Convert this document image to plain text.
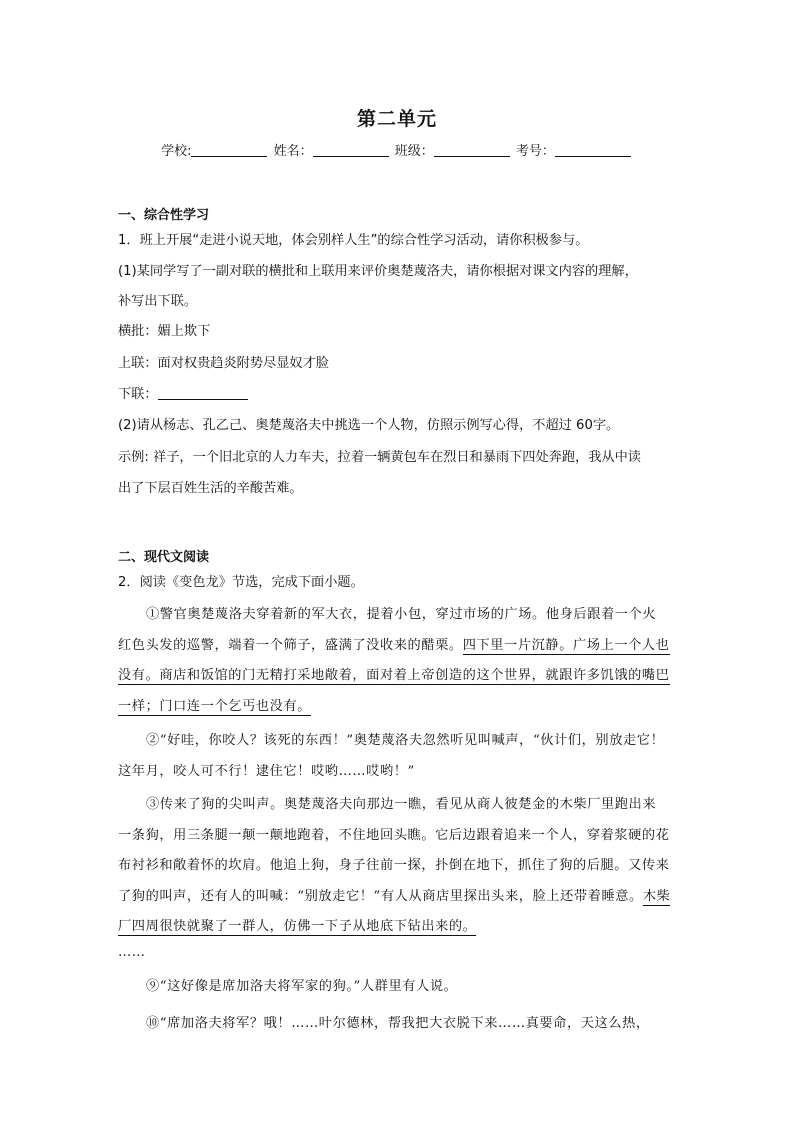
第二单元
学校:	姓名：	班级：	考号：
一、综合性学习
1．班上开展“走进小说天地，体会别样人生”的综合性学习活动，请你积极参与。
(1)某同学写了一副对联的横批和上联用来评价奥楚蔑洛夫，请你根据对课文内容的理解，
补写出下联。
横批：媚上欺下
上联：面对权贵趋炎附势尽显奴才脸
下联：
(2)请从杨志、孔乙己、奥楚蔑洛夫中挑选一个人物，仿照示例写心得，不超过 60字。
示例: 祥子，一个旧北京的人力车夫，拉着一辆黄包车在烈日和暴雨下四处奔跑，我从中读
出了下层百姓生活的辛酸苦难。
二、现代文阅读
2．阅读《变色龙》节选，完成下面小题。
①警官奥楚蔑洛夫穿着新的军大衣，提着小包，穿过市场的广场。他身后跟着一个火
红色头发的巡警，端着一个筛子，盛满了没收来的醋栗。四下里一片沉静。广场上一个人也
没有。商店和饭馆的门无精打采地敞着，面对着上帝创造的这个世界，就跟许多饥饿的嘴巴
一样；门口连一个乞丐也没有。
②“好哇，你咬人？该死的东西！”奥楚蔑洛夫忽然听见叫喊声，“伙计们，别放走它！
这年月，咬人可不行！逮住它！哎哟……哎哟！”
③传来了狗的尖叫声。奥楚蔑洛夫向那边一瞧，看见从商人彼楚金的木柴厂里跑出来
一条狗，用三条腿一颠一颠地跑着，不住地回头瞧。它后边跟着追来一个人，穿着浆硬的花
布衬衫和敞着怀的坎肩。他追上狗，身子往前一探，扑倒在地下，抓住了狗的后腿。又传来
了狗的叫声，还有人的叫喊：“别放走它！”有人从商店里探出头来，脸上还带着睡意。木柴
厂四周很快就聚了一群人，仿佛一下子从地底下钻出来的。
……
⑨“这好像是席加洛夫将军家的狗。”人群里有人说。
⑩“席加洛夫将军？哦！……叶尔德林，帮我把大衣脱下来……真要命，天这么热，
